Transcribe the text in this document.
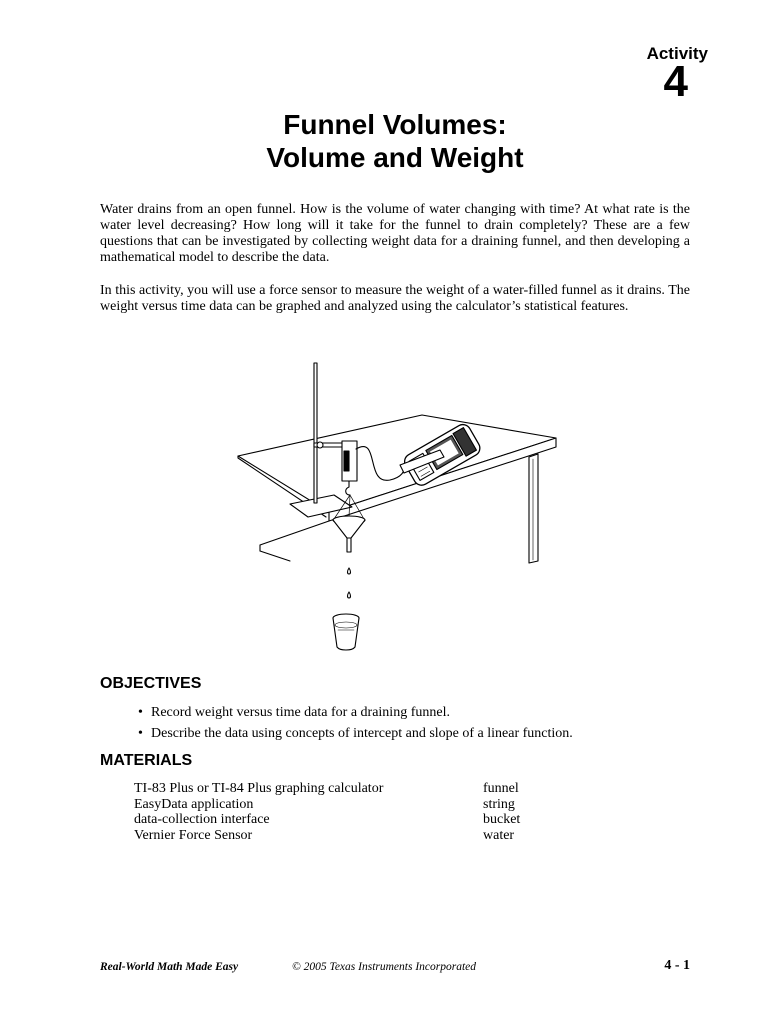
Activity
4
Funnel Volumes:
Volume and Weight

Water drains from an open funnel. How is the volume of water changing with time? At what rate is the water level decreasing? How long will it take for the funnel to drain completely? These are a few questions that can be investigated by collecting weight data for a draining funnel, and then developing a mathematical model to describe the data.

In this activity, you will use a force sensor to measure the weight of a water-filled funnel as it drains. The weight versus time data can be graphed and analyzed using the calculator’s statistical features.

OBJECTIVES
• Record weight versus time data for a draining funnel.
• Describe the data using concepts of intercept and slope of a linear function.
MATERIALS
TI-83 Plus or TI-84 Plus graphing calculator
EasyData application
data-collection interface
Vernier Force Sensor
funnel
string
bucket
water
Real-World Math Made Easy	© 2005 Texas Instruments Incorporated	4 - 1
